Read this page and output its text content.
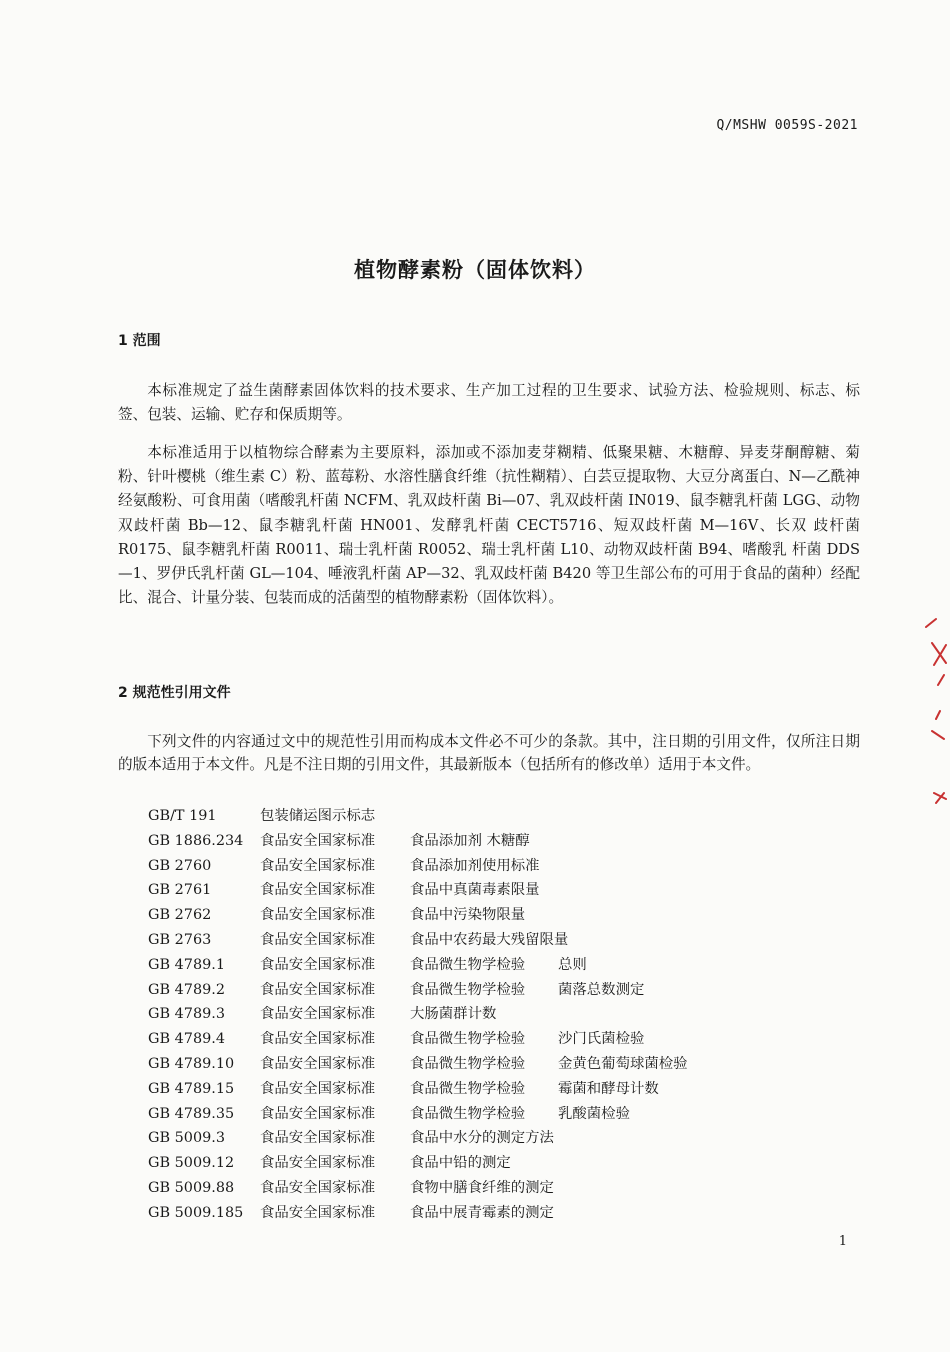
Q/MSHW 0059S-2021
植物酵素粉（固体饮料）
1 范围

本标准规定了益生菌酵素固体饮料的技术要求、生产加工过程的卫生要求、试验方法、检验规则、标志、标签、包装、运输、贮存和保质期等。

本标准适用于以植物综合酵素为主要原料，添加或不添加麦芽糊精、低聚果糖、木糖醇、异麦芽酮醇糖、菊粉、针叶樱桃（维生素 C）粉、蓝莓粉、水溶性膳食纤维（抗性糊精）、白芸豆提取物、大豆分离蛋白、N—乙酰神经氨酸粉、可食用菌（嗜酸乳杆菌 NCFM、乳双歧杆菌 Bi—07、乳双歧杆菌 IN019、鼠李糖乳杆菌 LGG、动物双歧杆菌 Bb—12、鼠李糖乳杆菌 HN001、发酵乳杆菌 CECT5716、短双歧杆菌 M—16V、长双 歧杆菌 R0175、鼠李糖乳杆菌 R0011、瑞士乳杆菌 R0052、瑞士乳杆菌 L10、动物双歧杆菌 B94、嗜酸乳 杆菌 DDS—1、罗伊氏乳杆菌 GL—104、唾液乳杆菌 AP—32、乳双歧杆菌 B420 等卫生部公布的可用于食品的菌种）经配比、混合、计量分装、包装而成的活菌型的植物酵素粉（固体饮料）。

2 规范性引用文件

下列文件的内容通过文中的规范性引用而构成本文件必不可少的条款。其中，注日期的引用文件，仅所注日期的版本适用于本文件。凡是不注日期的引用文件，其最新版本（包括所有的修改单）适用于本文件。

GB/T 191	包装储运图示标志
GB 1886.234 食品安全国家标准 食品添加剂 木糖醇
GB 2760	食品安全国家标准 食品添加剂使用标准
GB 2761	食品安全国家标准 食品中真菌毒素限量
GB 2762	食品安全国家标准 食品中污染物限量
GB 2763	食品安全国家标准 食品中农药最大残留限量
GB 4789.1 食品安全国家标准 食品微生物学检验 总则
GB 4789.2 食品安全国家标准 食品微生物学检验 菌落总数测定
GB 4789.3 食品安全国家标准 大肠菌群计数
GB 4789.4 食品安全国家标准 食品微生物学检验 沙门氏菌检验
GB 4789.10 食品安全国家标准 食品微生物学检验 金黄色葡萄球菌检验
GB 4789.15 食品安全国家标准 食品微生物学检验 霉菌和酵母计数
GB 4789.35 食品安全国家标准 食品微生物学检验 乳酸菌检验
GB 5009.3 食品安全国家标准 食品中水分的测定方法
GB 5009.12 食品安全国家标准 食品中铅的测定
GB 5009.88 食品安全国家标准 食物中膳食纤维的测定
GB 5009.185 食品安全国家标准 食品中展青霉素的测定
1
